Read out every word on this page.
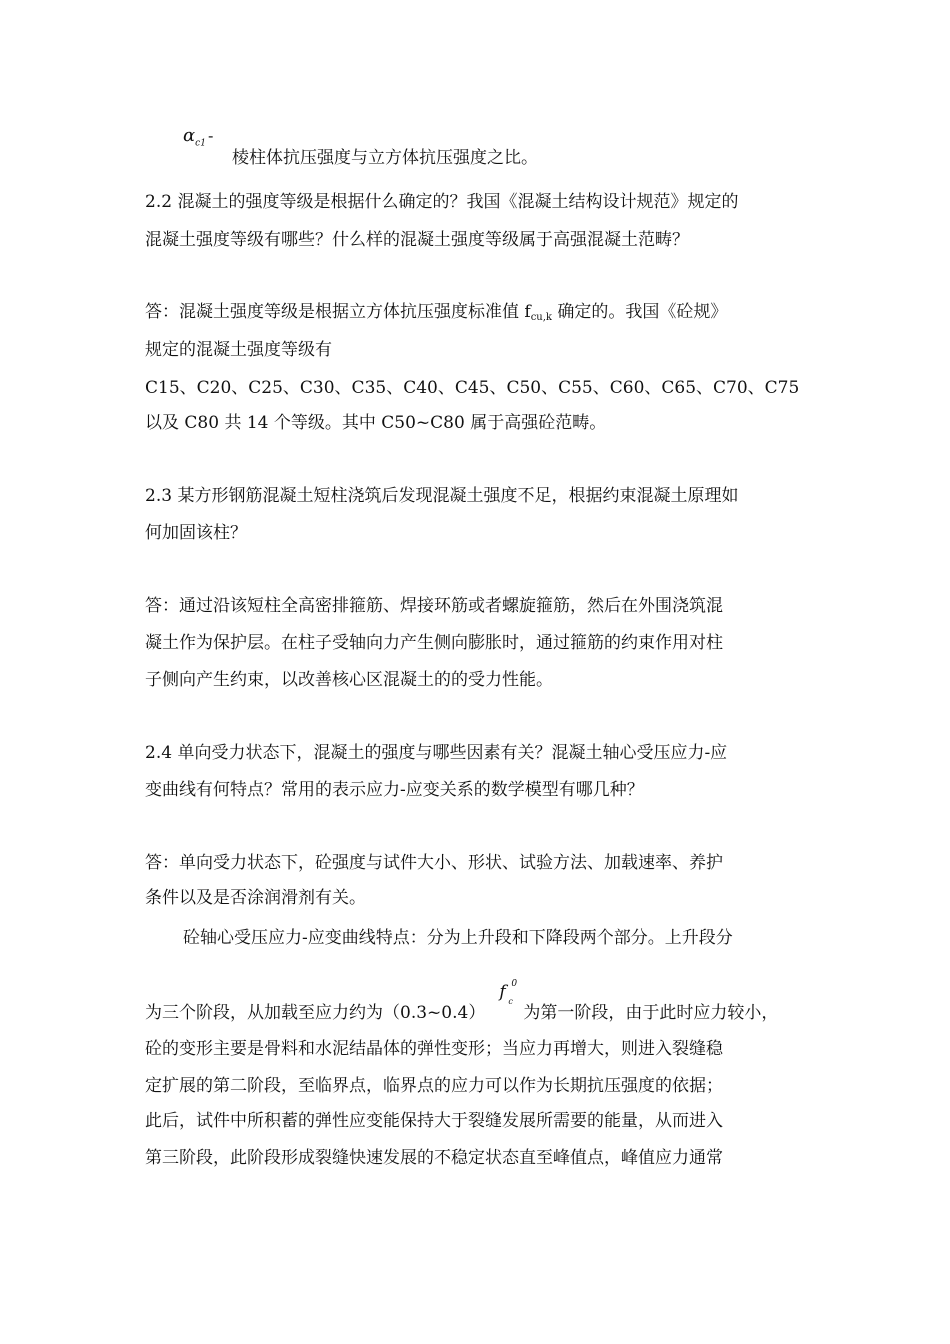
$\alpha_{c1}$ -
棱柱体抗压强度与立方体抗压强度之比。
2.2 混凝土的强度等级是根据什么确定的？我国《混凝土结构设计规范》规定的
混凝土强度等级有哪些？什么样的混凝土强度等级属于高强混凝土范畴？
答：混凝土强度等级是根据立方体抗压强度标准值 $f_{cu,k}$ 确定的。我国《砼规》
规定的混凝土强度等级有
C15、C20、C25、C30、C35、C40、C45、C50、C55、C60、C65、C70、C75
以及 C80 共 14 个等级。其中 C50~C80 属于高强砼范畴。
2.3 某方形钢筋混凝土短柱浇筑后发现混凝土强度不足，根据约束混凝土原理如
何加固该柱？
答：通过沿该短柱全高密排箍筋、焊接环筋或者螺旋箍筋，然后在外围浇筑混
凝土作为保护层。在柱子受轴向力产生侧向膨胀时，通过箍筋的约束作用对柱
子侧向产生约束，以改善核心区混凝土的的受力性能。
2.4 单向受力状态下，混凝土的强度与哪些因素有关？混凝土轴心受压应力-应
变曲线有何特点？常用的表示应力-应变关系的数学模型有哪几种？
答：单向受力状态下，砼强度与试件大小、形状、试验方法、加载速率、养护
条件以及是否涂润滑剂有关。
砼轴心受压应力-应变曲线特点：分为上升段和下降段两个部分。上升段分
为三个阶段，从加载至应力约为（0.3~0.4）
f 0
c
为第一阶段，由于此时应力较小，
砼的变形主要是骨料和水泥结晶体的弹性变形；当应力再增大，则进入裂缝稳
定扩展的第二阶段，至临界点，临界点的应力可以作为长期抗压强度的依据；
此后，试件中所积蓄的弹性应变能保持大于裂缝发展所需要的能量，从而进入
第三阶段，此阶段形成裂缝快速发展的不稳定状态直至峰值点，峰值应力通常
